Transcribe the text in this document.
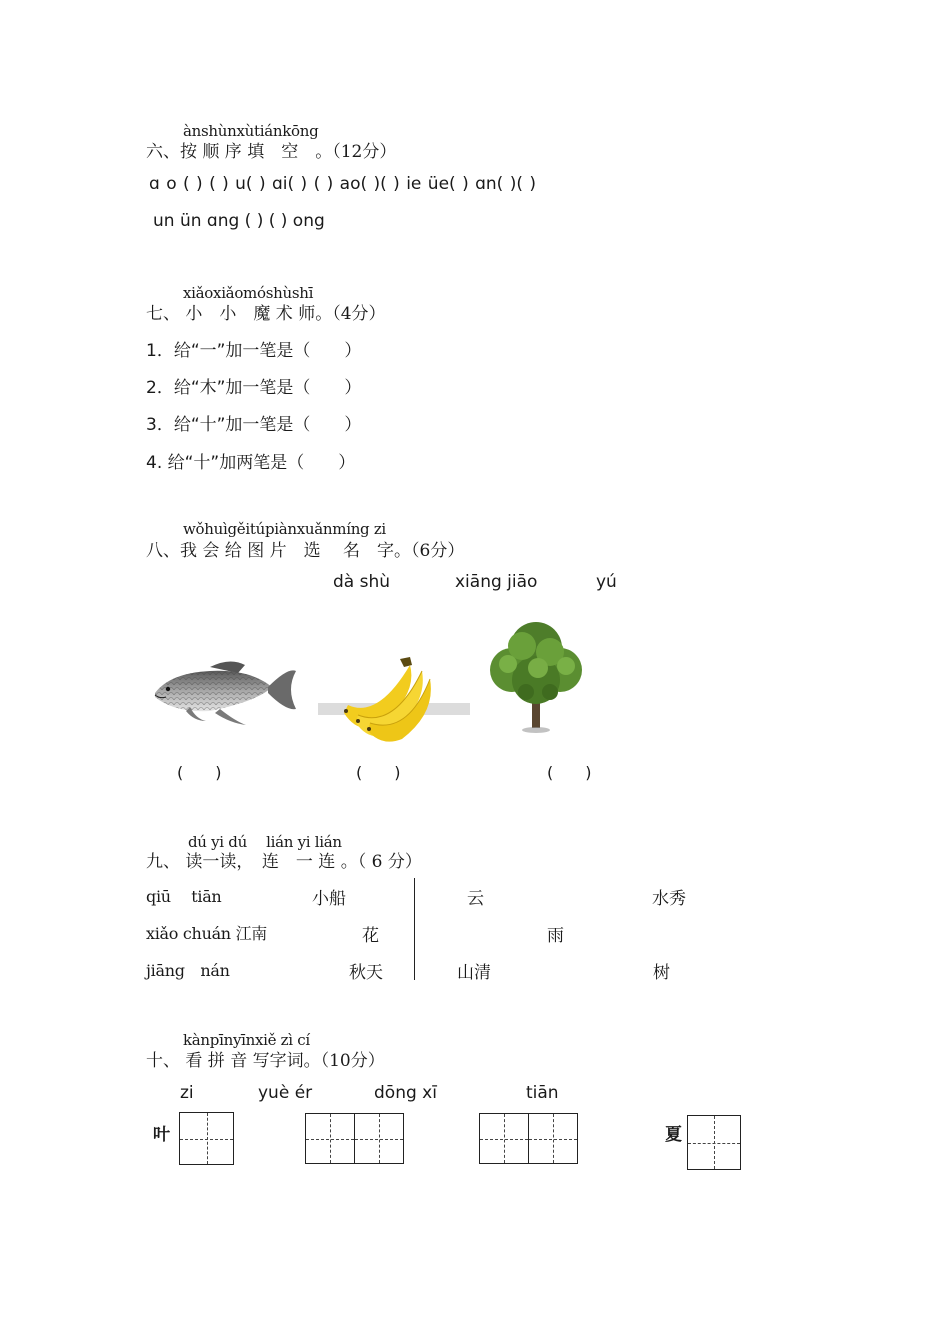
ànshùnxùtiánkōng
六、按 顺 序 填　空　。（12分）
ɑ o ( ) ( ) u( ) ɑi( ) ( ) ao( )( ) ie üe( ) ɑn( )( )
un ün ɑng ( ) ( ) ong
xiǎoxiǎomóshùshī
七、 小　小　魔 术 师。（4分）
1．给“一”加一笔是（　　）
2．给“木”加一笔是（　　）
3．给“十”加一笔是（　　）
4. 给“十”加两笔是（　　）
wǒhuìgěitúpiànxuǎnmíng zi
八、我 会 给 图 片　选　 名　字。（6分）
dà shù	xiāng jiāo	yú
(　　)	(　　)	(　　)
dú yi dú　 lián yi lián
九、 读一读，　连　一 连 。（ 6 分）
qiū　 tiān
xiǎo chuán 江南
jiāng　nán
小船
花
秋天
云	水秀
雨
山清	树
kànpīnyīnxiě zì cí
十、 看 拼 音 写字词。（10分）
zi	yuè ér	dōng xī	tiān
叶	夏
